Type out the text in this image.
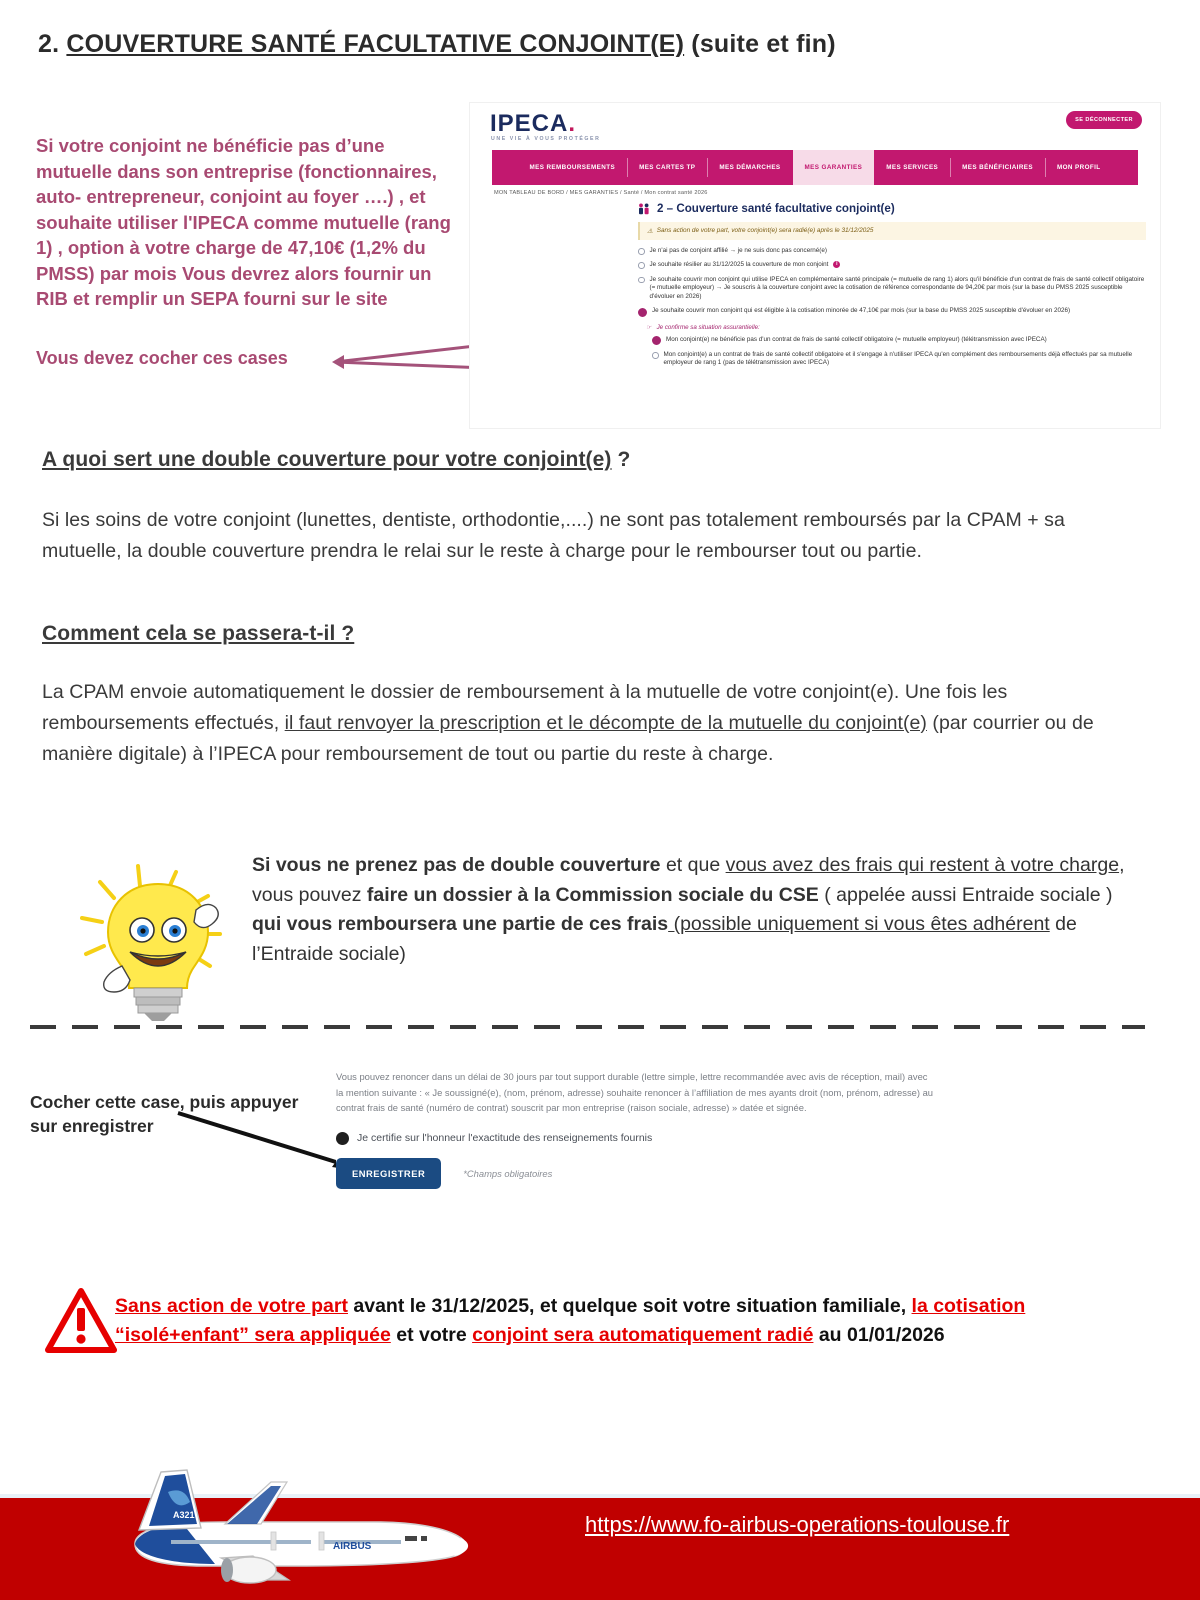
2. COUVERTURE SANTÉ FACULTATIVE CONJOINT(E) (suite et fin)
Si votre conjoint ne bénéficie pas d’une mutuelle dans son entreprise (fonctionnaires, auto- entrepreneur, conjoint au foyer ….) , et souhaite utiliser l'IPECA comme mutuelle (rang 1) , option à votre charge de 47,10€ (1,2% du PMSS) par mois Vous devrez alors fournir un RIB et remplir un SEPA fourni sur le site
Vous devez cocher ces cases
IPECA.
UNE VIE À VOUS PROTÉGER
SE DÉCONNECTER
MES REMBOURSEMENTS	MES CARTES TP	MES DÉMARCHES	MES GARANTIES	MES SERVICES	MES BÉNÉFICIAIRES	MON PROFIL
MON TABLEAU DE BORD / MES GARANTIES / Santé / Mon contrat santé 2026
2 – Couverture santé facultative conjoint(e)
⚠ Sans action de votre part, votre conjoint(e) sera radié(e) après le 31/12/2025
Je n'ai pas de conjoint affilié → je ne suis donc pas concerné(e)
Je souhaite résilier au 31/12/2025 la couverture de mon conjoint	i
Je souhaite couvrir mon conjoint qui utilise IPECA en complémentaire santé principale (= mutuelle de rang 1) alors qu'il bénéficie d'un contrat de frais de santé collectif obligatoire (= mutuelle employeur) → Je souscris à la couverture conjoint avec la cotisation de référence correspondante de 94,20€ par mois (sur la base du PMSS 2025 susceptible d'évoluer en 2026)
Je souhaite couvrir mon conjoint qui est éligible à la cotisation minorée de 47,10€ par mois (sur la base du PMSS 2025 susceptible d'évoluer en 2026)
☞ Je confirme sa situation assurantielle:
Mon conjoint(e) ne bénéficie pas d'un contrat de frais de santé collectif obligatoire (= mutuelle employeur) (télétransmission avec IPECA)
Mon conjoint(e) a un contrat de frais de santé collectif obligatoire et il s'engage à n'utiliser IPECA qu'en complément des remboursements déjà effectués par sa mutuelle employeur de rang 1 (pas de télétransmission avec IPECA)
A quoi sert une double couverture pour votre conjoint(e) ?

Si les soins de votre conjoint (lunettes, dentiste, orthodontie,....) ne sont pas totalement remboursés par la CPAM + sa mutuelle, la double couverture prendra le relai sur le reste à charge pour le rembourser tout ou partie.

Comment cela se passera-t-il ?

La CPAM envoie automatiquement le dossier de remboursement à la mutuelle de votre conjoint(e). Une fois les remboursements effectués, il faut renvoyer la prescription et le décompte de la mutuelle du conjoint(e) (par courrier ou de manière digitale) à l’IPECA pour remboursement de tout ou partie du reste à charge.

Si vous ne prenez pas de double couverture et que vous avez des frais qui restent à votre charge, vous pouvez faire un dossier à la Commission sociale du CSE ( appelée aussi Entraide sociale ) qui vous remboursera une partie de ces frais (possible uniquement si vous êtes adhérent de l’Entraide sociale)
Cocher cette case, puis appuyer sur enregistrer
Vous pouvez renoncer dans un délai de 30 jours par tout support durable (lettre simple, lettre recommandée avec avis de réception, mail) avec la mention suivante : « Je soussigné(e), (nom, prénom, adresse) souhaite renoncer à l’affiliation de mes ayants droit (nom, prénom, adresse) au contrat frais de santé (numéro de contrat) souscrit par mon entreprise (raison sociale, adresse) » datée et signée.
Je certifie sur l'honneur l'exactitude des renseignements fournis
ENREGISTRER	*Champs obligatoires
Sans action de votre part avant le 31/12/2025, et quelque soit votre situation familiale, la cotisation “isolé+enfant” sera appliquée et votre conjoint sera automatiquement radié au 01/01/2026
A321
AIRBUS
https://www.fo-airbus-operations-toulouse.fr
